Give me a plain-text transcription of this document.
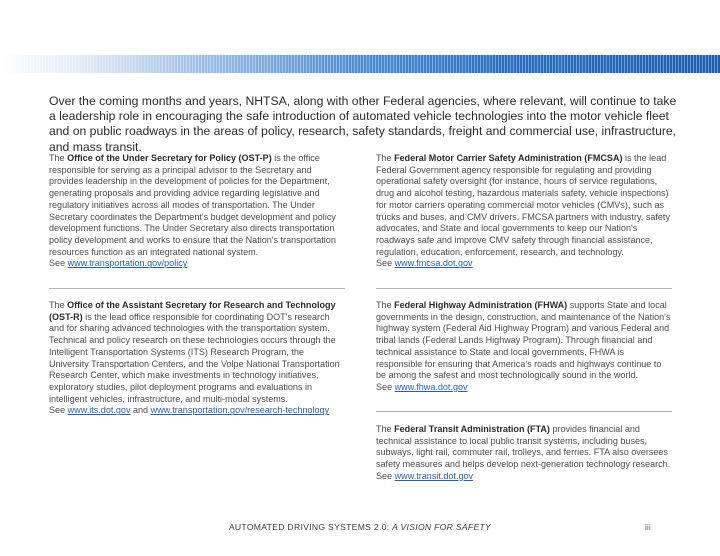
Over the coming months and years, NHTSA, along with other Federal agencies, where relevant, will continue to take a leadership role in encouraging the safe introduction of automated vehicle technologies into the motor vehicle fleet and on public roadways in the areas of policy, research, safety standards, freight and commercial use, infrastructure, and mass transit.

The Office of the Under Secretary for Policy (OST-P) is the office responsible for serving as a principal advisor to the Secretary and provides leadership in the development of policies for the Department, generating proposals and providing advice regarding legislative and regulatory initiatives across all modes of transportation. The Under Secretary coordinates the Department's budget development and policy development functions. The Under Secretary also directs transportation policy development and works to ensure that the Nation's transportation resources function as an integrated national system.
See www.transportation.gov/policy
The Office of the Assistant Secretary for Research and Technology (OST-R) is the lead office responsible for coordinating DOT's research and for sharing advanced technologies with the transportation system. Technical and policy research on these technologies occurs through the Intelligent Transportation Systems (ITS) Research Program, the University Transportation Centers, and the Volpe National Transportation Research Center, which make investments in technology initiatives, exploratory studies, pilot deployment programs and evaluations in intelligent vehicles, infrastructure, and multi-modal systems.
See www.its.dot.gov and www.transportation.gov/research-technology
The Federal Motor Carrier Safety Administration (FMCSA) is the lead Federal Government agency responsible for regulating and providing operational safety oversight (for instance, hours of service regulations, drug and alcohol testing, hazardous materials safety, vehicle inspections) for motor carriers operating commercial motor vehicles (CMVs), such as trucks and buses, and CMV drivers. FMCSA partners with industry, safety advocates, and State and local governments to keep our Nation's roadways safe and improve CMV safety through financial assistance, regulation, education, enforcement, research, and technology.
See www.fmcsa.dot.gov
The Federal Highway Administration (FHWA) supports State and local governments in the design, construction, and maintenance of the Nation's highway system (Federal Aid Highway Program) and various Federal and tribal lands (Federal Lands Highway Program). Through financial and technical assistance to State and local governments, FHWA is responsible for ensuring that America's roads and highways continue to be among the safest and most technologically sound in the world.
See www.fhwa.dot.gov
The Federal Transit Administration (FTA) provides financial and technical assistance to local public transit systems, including buses, subways, light rail, commuter rail, trolleys, and ferries. FTA also oversees safety measures and helps develop next-generation technology research.
See www.transit.dot.gov
AUTOMATED DRIVING SYSTEMS 2.0: A VISION FOR SAFETY	iii
